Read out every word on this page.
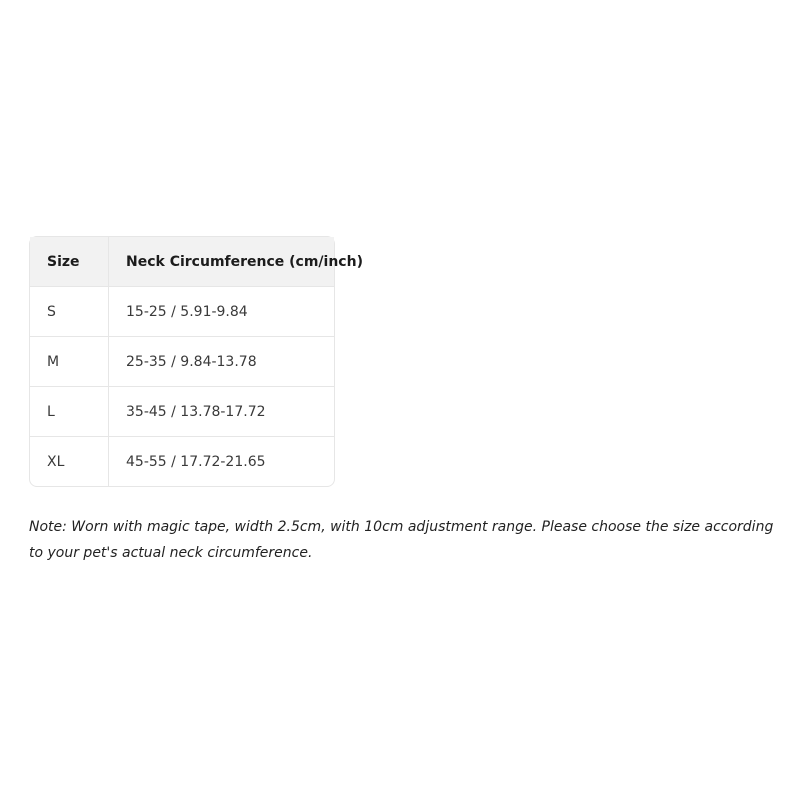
Size	Neck Circumference (cm/inch)
S	15-25 / 5.91-9.84
M	25-35 / 9.84-13.78
L	35-45 / 13.78-17.72
XL	45-55 / 17.72-21.65

Note: Worn with magic tape, width 2.5cm, with 10cm adjustment range. Please choose the size according to your pet's actual neck circumference.
